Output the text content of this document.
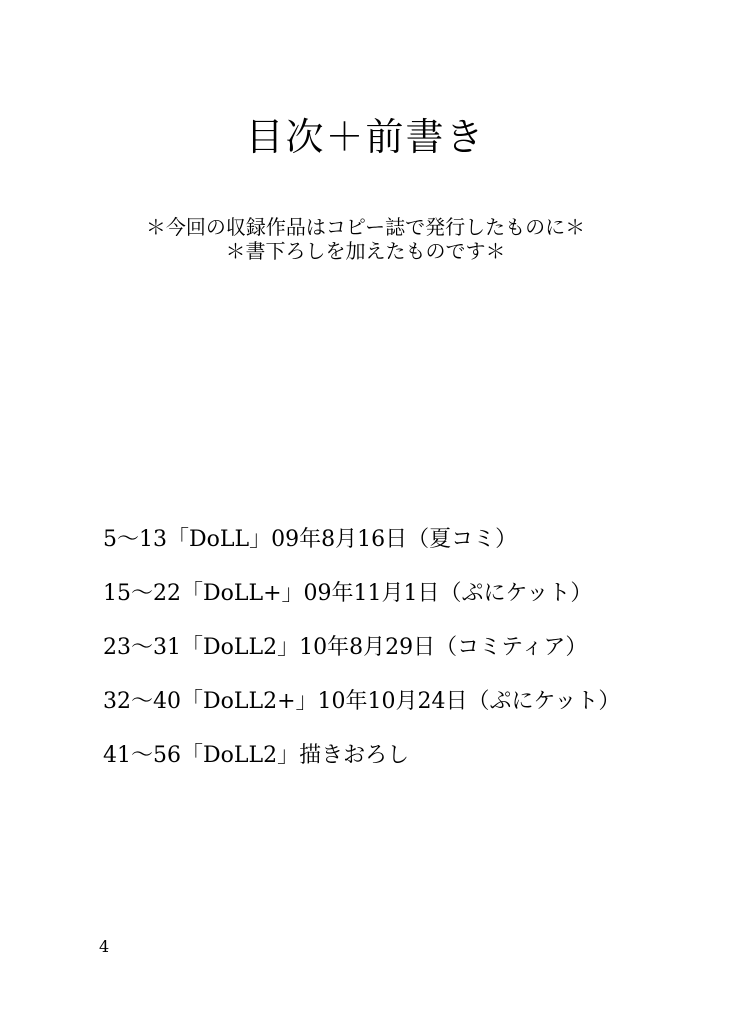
目次＋前書き
＊今回の収録作品はコピー誌で発行したものに＊
＊書下ろしを加えたものです＊
5～13「DoLL」09年8月16日（夏コミ）
15～22「DoLL+」09年11月1日（ぷにケット）
23～31「DoLL2」10年8月29日（コミティア）
32～40「DoLL2+」10年10月24日（ぷにケット）
41～56「DoLL2」描きおろし
4
